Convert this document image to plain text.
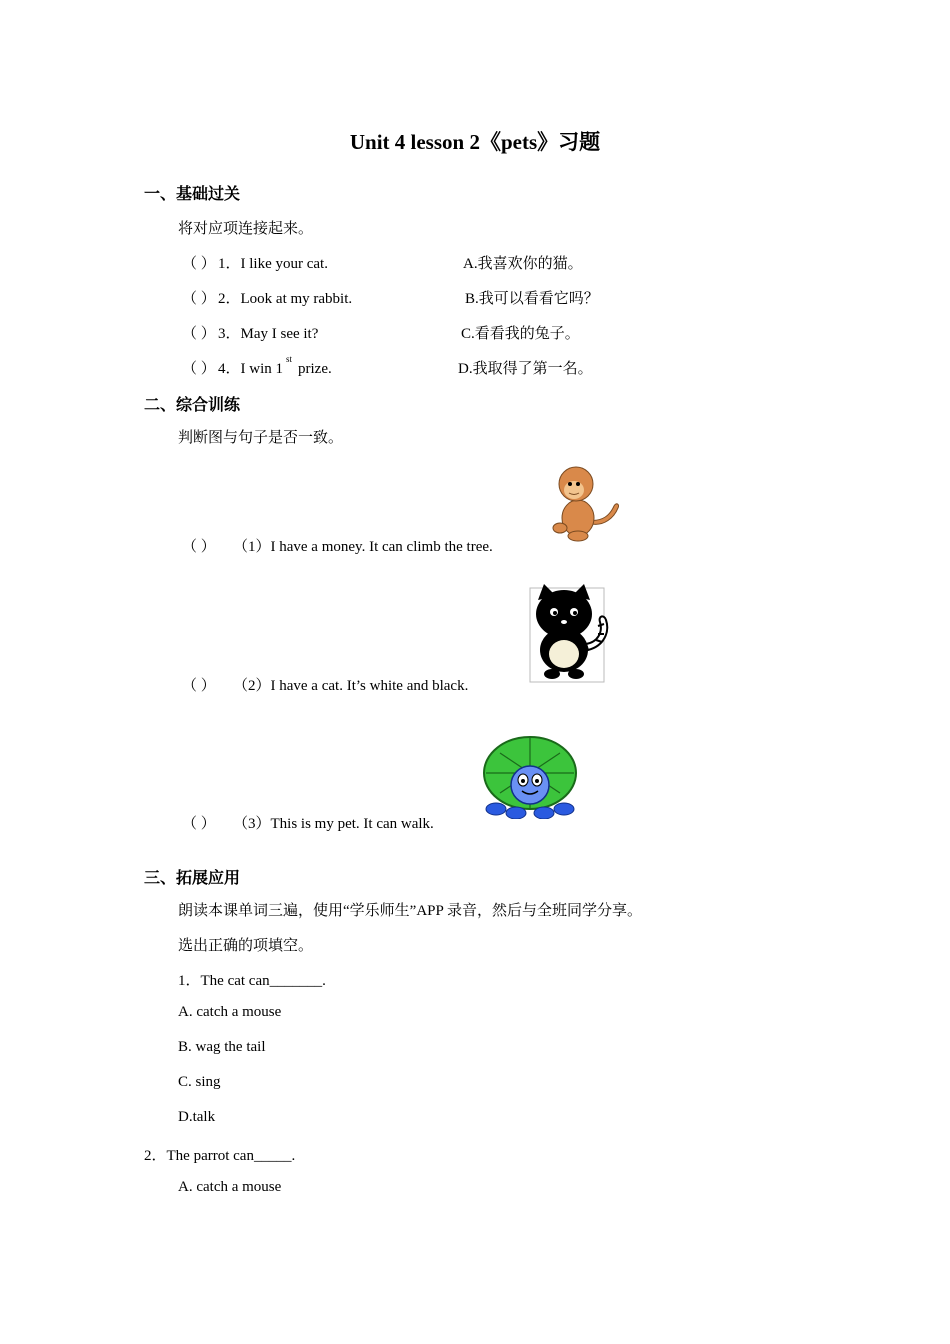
Unit 4 lesson 2《pets》习题
一、基础过关
将对应项连接起来。
（ ） 1．I like your cat.	A.我喜欢你的猫。
（ ） 2．Look at my rabbit.	B.我可以看看它吗？
（ ） 3．May I see it?	C.看看我的兔子。
（ ） 4．I win 1stprize.	D.我取得了第一名。
二、综合训练
判断图与句子是否一致。
（ ） （1）I have a money. It can climb the tree.
（ ） （2）I have a cat. It’s white and black.
（ ） （3）This is my pet. It can walk.
三、拓展应用
朗读本课单词三遍，使用“学乐师生”APP 录音，然后与全班同学分享。
选出正确的项填空。
1．The cat can_______.
A. catch a mouse
B. wag the tail
C. sing
D.talk
2．The parrot can_____.
A. catch a mouse
